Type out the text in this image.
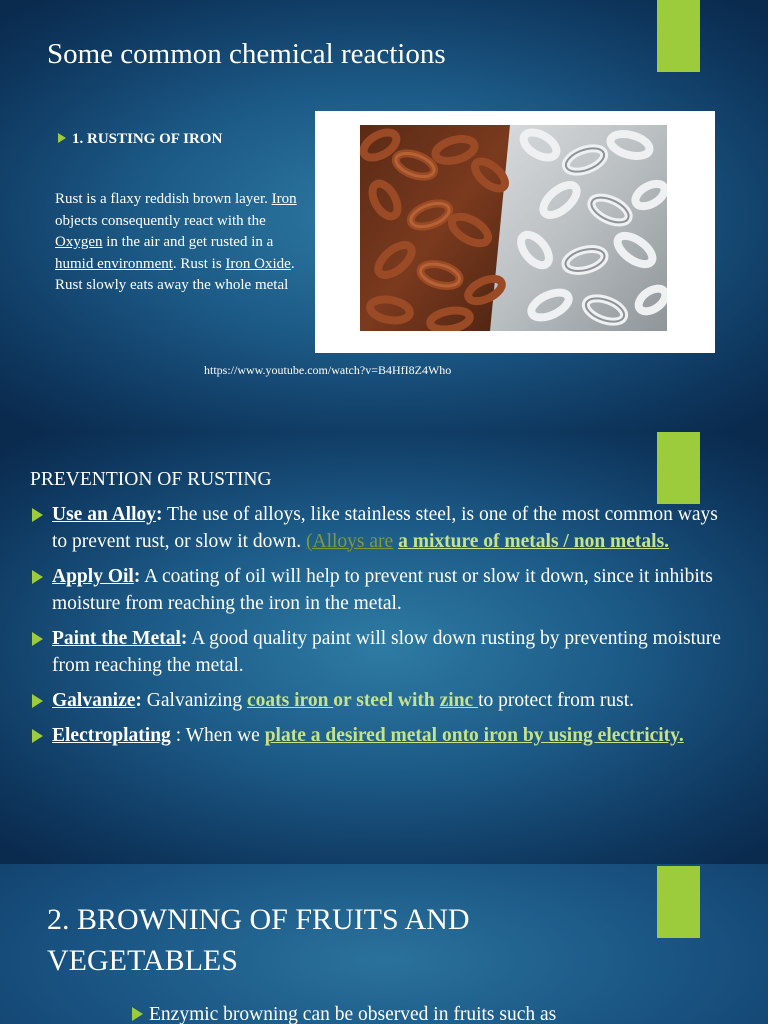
Some common chemical reactions
1. RUSTING OF IRON

Rust is a flaxy reddish brown layer. Iron objects consequently react with the Oxygen in the air and get rusted in a humid environment. Rust is Iron Oxide. Rust slowly eats away the whole metal

https://www.youtube.com/watch?v=B4HfI8Z4Who
PREVENTION OF RUSTING
Use an Alloy: The use of alloys, like stainless steel, is one of the most common ways to prevent rust, or slow it down. (Alloys are a mixture of metals / non metals.
Apply Oil: A coating of oil will help to prevent rust or slow it down, since it inhibits moisture from reaching the iron in the metal.
Paint the Metal: A good quality paint will slow down rusting by preventing moisture from reaching the metal.
Galvanize: Galvanizing coats iron or steel with zinc to protect from rust.
Electroplating : When we plate a desired metal onto iron by using electricity.
2. BROWNING OF FRUITS AND VEGETABLES
Enzymic browning can be observed in fruits such as
